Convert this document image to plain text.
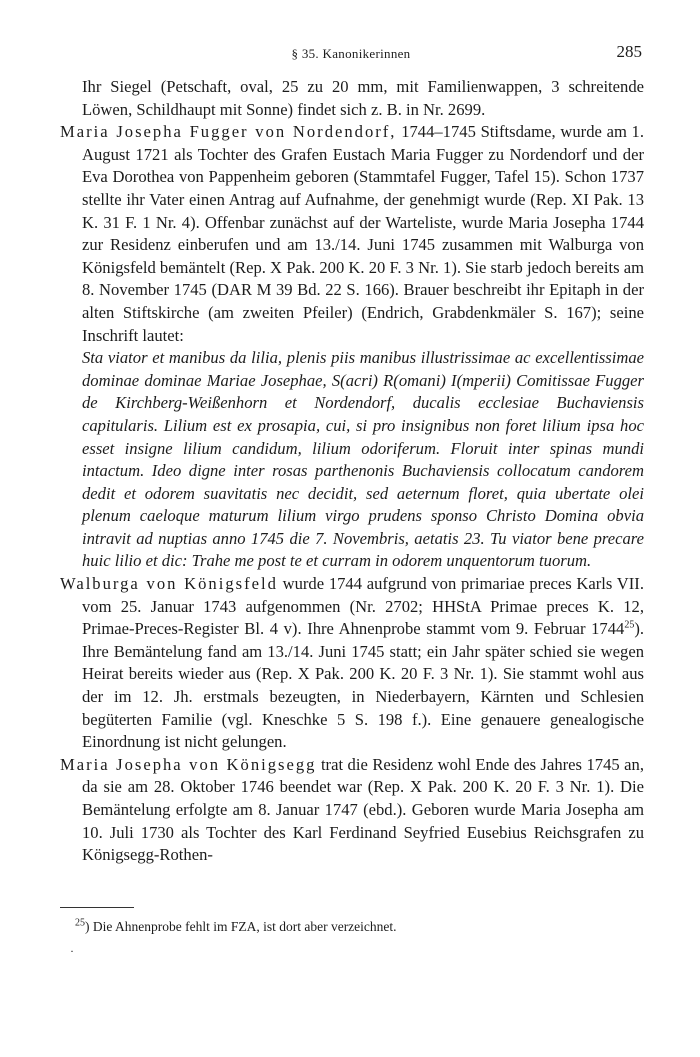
§ 35. Kanonikerinnen	285

Ihr Siegel (Petschaft, oval, 25 zu 20 mm, mit Familienwappen, 3 schreitende Löwen, Schildhaupt mit Sonne) findet sich z. B. in Nr. 2699.

Maria Josepha Fugger von Nordendorf, 1744–1745 Stiftsdame, wurde am 1. August 1721 als Tochter des Grafen Eustach Maria Fugger zu Nordendorf und der Eva Dorothea von Pappenheim geboren (Stammtafel Fugger, Tafel 15). Schon 1737 stellte ihr Vater einen Antrag auf Aufnahme, der genehmigt wurde (Rep. XI Pak. 13 K. 31 F. 1 Nr. 4). Offenbar zunächst auf der Warteliste, wurde Maria Josepha 1744 zur Residenz einberufen und am 13./14. Juni 1745 zusammen mit Walburga von Königsfeld bemäntelt (Rep. X Pak. 200 K. 20 F. 3 Nr. 1). Sie starb jedoch bereits am 8. November 1745 (DAR M 39 Bd. 22 S. 166). Brauer beschreibt ihr Epitaph in der alten Stiftskirche (am zweiten Pfeiler) (Endrich, Grabdenkmäler S. 167); seine Inschrift lautet:
Sta viator et manibus da lilia, plenis piis manibus illustrissimae ac excellentissimae dominae dominae Mariae Josephae, S(acri) R(omani) I(mperii) Comitissae Fugger de Kirchberg-Weißenhorn et Nordendorf, ducalis ecclesiae Buchaviensis capitularis. Lilium est ex prosapia, cui, si pro insignibus non foret lilium ipsa hoc esset insigne lilium candidum, lilium odoriferum. Floruit inter spinas mundi intactum. Ideo digne inter rosas parthenonis Buchaviensis collocatum candorem dedit et odorem suavitatis nec decidit, sed aeternum floret, quia ubertate olei plenum caeloque maturum lilium virgo prudens sponso Christo Domina obvia intravit ad nuptias anno 1745 die 7. Novembris, aetatis 23. Tu viator bene precare huic lilio et dic: Trahe me post te et curram in odorem unquentorum tuorum.

Walburga von Königsfeld wurde 1744 aufgrund von primariae preces Karls VII. vom 25. Januar 1743 aufgenommen (Nr. 2702; HHStA Primae preces K. 12, Primae-Preces-Register Bl. 4 v). Ihre Ahnenprobe stammt vom 9. Februar 1744$^{25}$). Ihre Bemäntelung fand am 13./14. Juni 1745 statt; ein Jahr später schied sie wegen Heirat bereits wieder aus (Rep. X Pak. 200 K. 20 F. 3 Nr. 1). Sie stammt wohl aus der im 12. Jh. erstmals bezeugten, in Niederbayern, Kärnten und Schlesien begüterten Familie (vgl. Kneschke 5 S. 198 f.). Eine genauere genealogische Einordnung ist nicht gelungen.

Maria Josepha von Königsegg trat die Residenz wohl Ende des Jahres 1745 an, da sie am 28. Oktober 1746 beendet war (Rep. X Pak. 200 K. 20 F. 3 Nr. 1). Die Bemäntelung erfolgte am 8. Januar 1747 (ebd.). Geboren wurde Maria Josepha am 10. Juli 1730 als Tochter des Karl Ferdinand Seyfried Eusebius Reichsgrafen zu Königsegg-Rothen-

$^{25}$) Die Ahnenprobe fehlt im FZA, ist dort aber verzeichnet.
·
